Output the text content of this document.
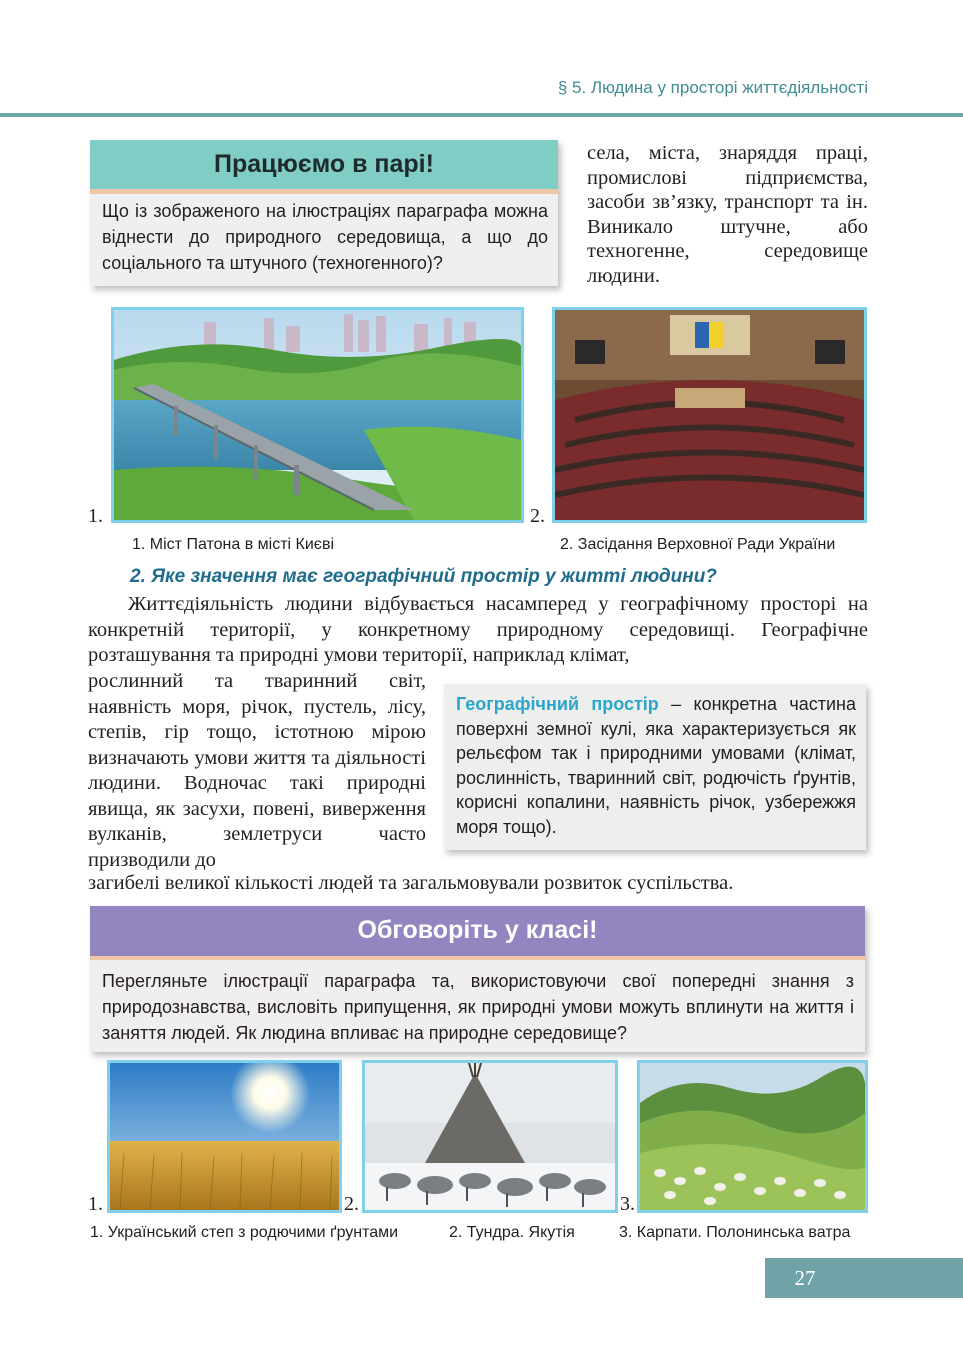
§ 5. Людина у просторі життєдіяльності
Працюємо в парі!
Що із зображеного на ілюстраціях параграфа можна віднести до природного середовища, а що до соціального та штучного (техногенного)?
села, міста, знаряддя праці, промислові підприємства, засоби зв’язку, транспорт та ін. Виникало штучне, або техногенне, середовище людини.
1.
1. Міст Патона в місті Києві
2.
2. Засідання Верховної Ради України
2. Яке значення має географічний простір у житті людини?
Життєдіяльність людини відбувається насамперед у географічному просторі на конкретній території, у конкретному природному середовищі. Географічне розташування та природні умови території, наприклад клімат,
рослинний та тваринний світ, наявність моря, річок, пустель, лісу, степів, гір тощо, істотною мірою визначають умови життя та діяльності людини. Водночас такі природні явища, як засухи, повені, виверження вулканів, землетруси часто призводили до
загибелі великої кількості людей та загальмовували розвиток суспільства.
Географічний простір – конкретна частина поверхні земної кулі, яка характеризується як рельєфом так і природними умовами (клімат, рослинність, тваринний світ, родючість ґрунтів, корисні копалини, наявність річок, узбережжя моря тощо).
Обговоріть у класі!
Перегляньте ілюстрації параграфа та, використовуючи свої попередні знання з природознавства, висловіть припущення, як природні умови можуть вплинути на життя і заняття людей. Як людина впливає на природне середовище?
1.	2.	3.
1. Український степ з родючими ґрунтами	2. Тундра. Якутія	3. Карпати. Полонинська ватра
27
